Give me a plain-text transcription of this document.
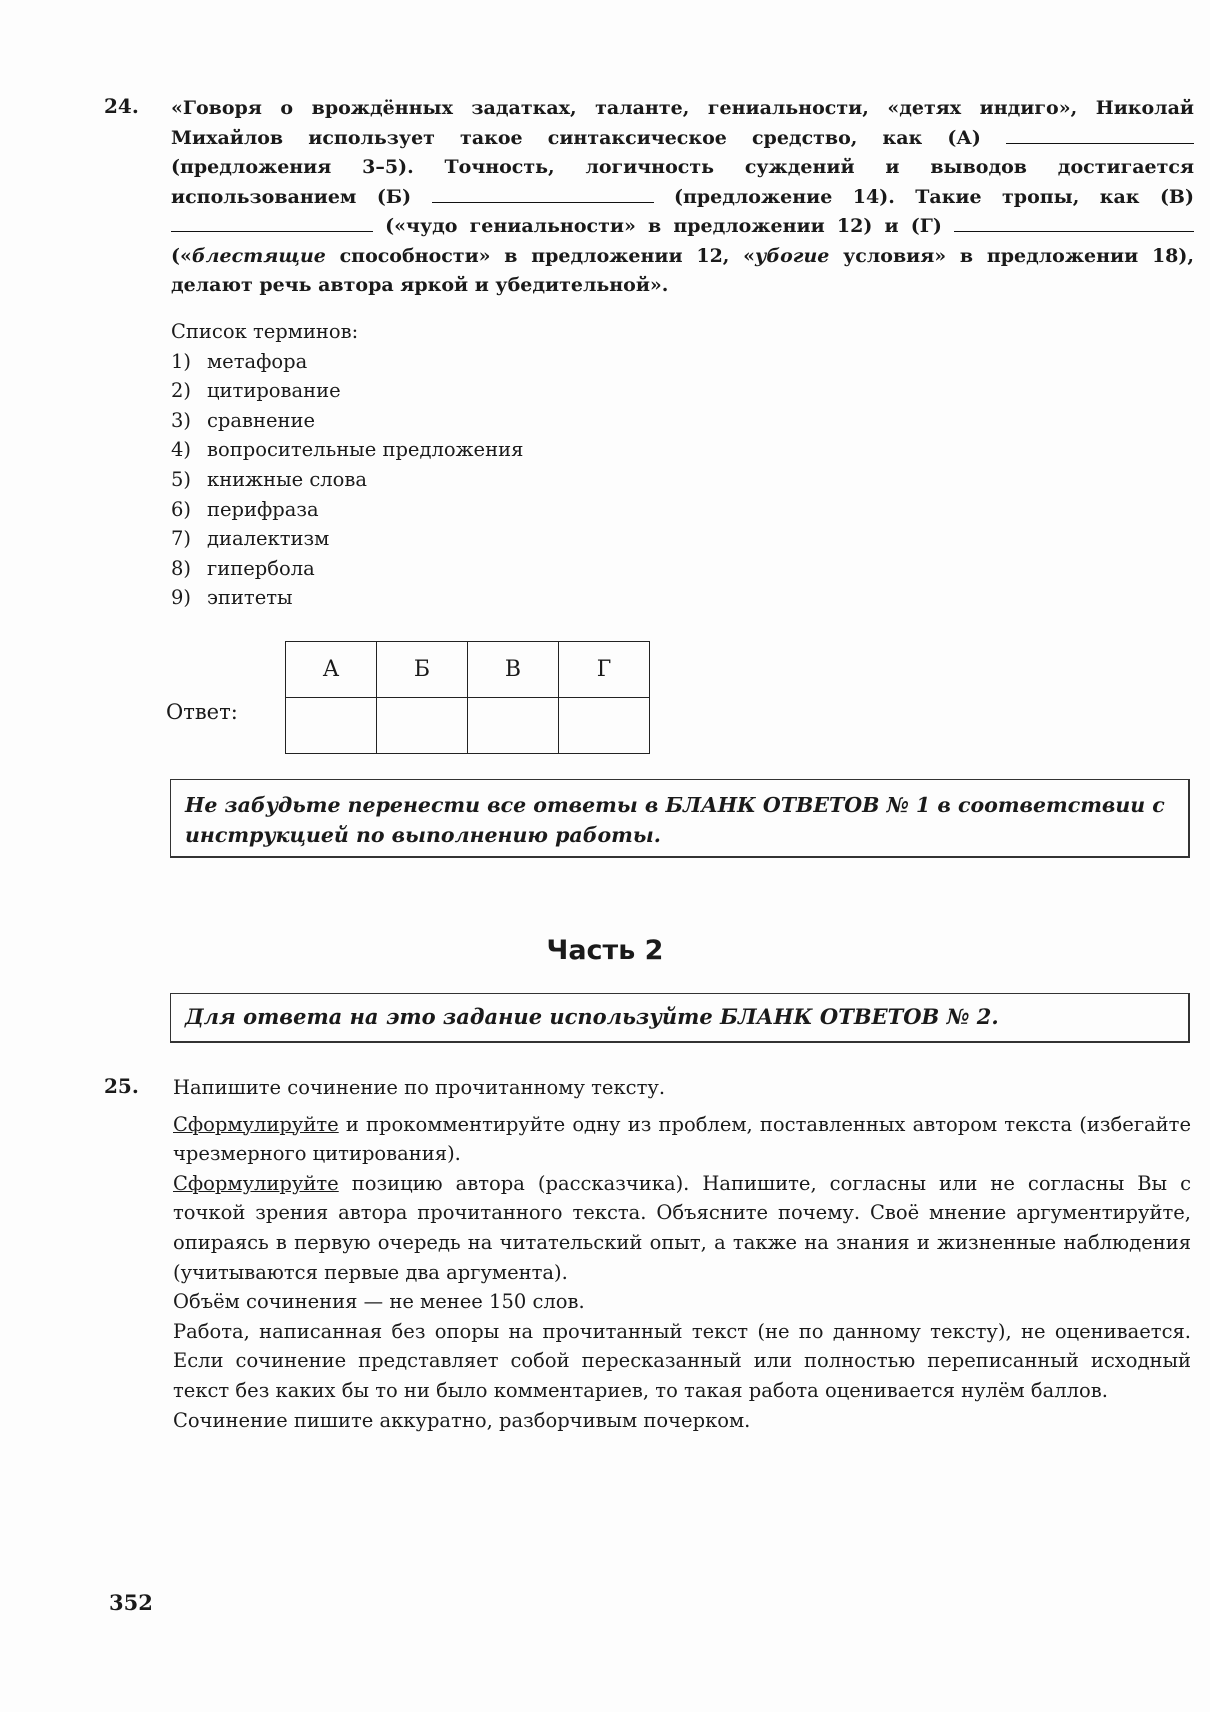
24. «Говоря о врождённых задатках, таланте, гениальности, «детях индиго», Николай Михайлов использует такое синтаксическое средство, как (А)  (предложения 3–5). Точность, логичность суждений и выводов достигается использованием (Б)	(предложение 14). Такие тропы, как (В)  («чудо гениальности» в предложении 12) и (Г)  («блестящие способности» в предложении 12, «убогие условия» в предложении 18), делают речь автора яркой и убедительной».

Список терминов:

1) метафора
2) цитирование
3) сравнение
4) вопросительные предложения
5) книжные слова
6) перифраза
7) диалектизм
8) гипербола
9) эпитеты
Ответ:
А	Б	В	Г

Не забудьте перенести все ответы в БЛАНК ОТВЕТОВ № 1 в соответствии с инструкцией по выполнению работы.
Часть 2
Для ответа на это задание используйте БЛАНК ОТВЕТОВ № 2.
25. Напишите сочинение по прочитанному тексту.

Сформулируйте и прокомментируйте одну из проблем, поставленных автором текста (избегайте чрезмерного цитирования).

Сформулируйте позицию автора (рассказчика). Напишите, согласны или не согласны Вы с точкой зрения автора прочитанного текста. Объясните почему. Своё мнение аргументируйте, опираясь в первую очередь на читательский опыт, а также на знания и жизненные наблюдения (учитываются первые два аргумента).

Объём сочинения — не менее 150 слов.

Работа, написанная без опоры на прочитанный текст (не по данному тексту), не оценивается. Если сочинение представляет собой пересказанный или полностью переписанный исходный текст без каких бы то ни было комментариев, то такая работа оценивается нулём баллов.

Сочинение пишите аккуратно, разборчивым почерком.

352
